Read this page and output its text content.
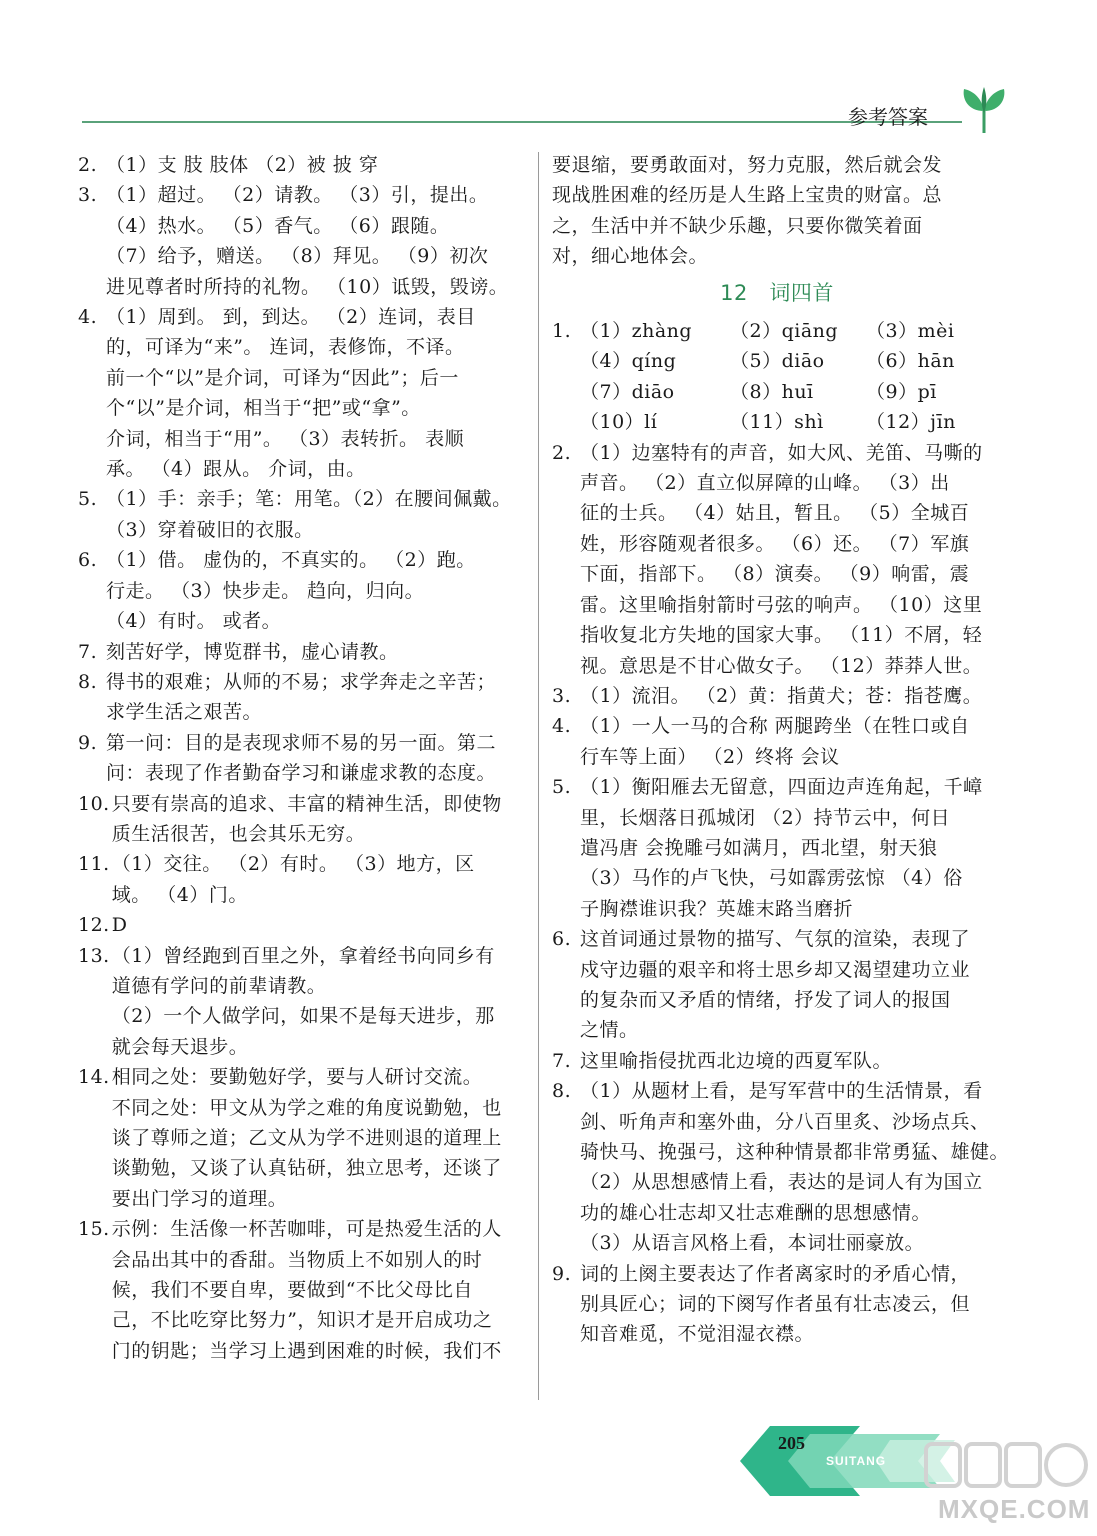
参考答案
2. （1）支 肢 肢体 （2）被 披 穿
3. （1）超过。 （2）请教。 （3）引，提出。
（4）热水。 （5）香气。 （6）跟随。
（7）给予，赠送。 （8）拜见。 （9）初次
进见尊者时所持的礼物。 （10）诋毁，毁谤。
4. （1）周到。 到，到达。 （2）连词，表目
的，可译为“来”。 连词，表修饰，不译。
前一个“以”是介词，可译为“因此”；后一
个“以”是介词，相当于“把”或“拿”。
介词，相当于“用”。 （3）表转折。 表顺
承。 （4）跟从。 介词，由。
5. （1）手：亲手；笔：用笔。（2）在腰间佩戴。
（3）穿着破旧的衣服。
6. （1）借。 虚伪的，不真实的。 （2）跑。
行走。 （3）快步走。 趋向，归向。
（4）有时。 或者。
7. 刻苦好学，博览群书，虚心请教。
8. 得书的艰难；从师的不易；求学奔走之辛苦；
求学生活之艰苦。
9. 第一问：目的是表现求师不易的另一面。第二
问：表现了作者勤奋学习和谦虚求教的态度。
10. 只要有崇高的追求、丰富的精神生活，即使物
质生活很苦，也会其乐无穷。
11. （1）交往。 （2）有时。 （3）地方，区
域。 （4）门。
12. D
13. （1）曾经跑到百里之外，拿着经书向同乡有
道德有学问的前辈请教。
（2）一个人做学问，如果不是每天进步，那
就会每天退步。
14. 相同之处：要勤勉好学，要与人研讨交流。
不同之处：甲文从为学之难的角度说勤勉，也
谈了尊师之道；乙文从为学不进则退的道理上
谈勤勉，又谈了认真钻研，独立思考，还谈了
要出门学习的道理。
15. 示例：生活像一杯苦咖啡，可是热爱生活的人
会品出其中的香甜。当物质上不如别人的时
候，我们不要自卑，要做到“不比父母比自
己，不比吃穿比努力”，知识才是开启成功之
门的钥匙；当学习上遇到困难的时候，我们不
要退缩，要勇敢面对，努力克服，然后就会发
现战胜困难的经历是人生路上宝贵的财富。总
之，生活中并不缺少乐趣，只要你微笑着面
对，细心地体会。
12 词四首
1. （1）zhàng	（2）qiāng	（3）mèi
（4）qíng	（5）diāo	（6）hān
（7）diāo	（8）huī	（9）pī
（10）lí	（11）shì	（12）jīn
2. （1）边塞特有的声音，如大风、羌笛、马嘶的
声音。 （2）直立似屏障的山峰。 （3）出
征的士兵。 （4）姑且，暂且。 （5）全城百
姓，形容随观者很多。 （6）还。 （7）军旗
下面，指部下。 （8）演奏。 （9）响雷，震
雷。这里喻指射箭时弓弦的响声。 （10）这里
指收复北方失地的国家大事。 （11）不屑，轻
视。意思是不甘心做女子。 （12）莽莽人世。
3. （1）流泪。 （2）黄：指黄犬；苍：指苍鹰。
4. （1）一人一马的合称 两腿跨坐（在牲口或自
行车等上面） （2）终将 会议
5. （1）衡阳雁去无留意，四面边声连角起，千嶂
里，长烟落日孤城闭 （2）持节云中，何日
遣冯唐 会挽雕弓如满月，西北望，射天狼
（3）马作的卢飞快，弓如霹雳弦惊 （4）俗
子胸襟谁识我？英雄末路当磨折
6. 这首词通过景物的描写、气氛的渲染，表现了
戍守边疆的艰辛和将士思乡却又渴望建功立业
的复杂而又矛盾的情绪，抒发了词人的报国
之情。
7. 这里喻指侵扰西北边境的西夏军队。
8. （1）从题材上看，是写军营中的生活情景，看
剑、听角声和塞外曲，分八百里炙、沙场点兵、
骑快马、挽强弓，这种种情景都非常勇猛、雄健。
（2）从思想感情上看，表达的是词人有为国立
功的雄心壮志却又壮志难酬的思想感情。
（3）从语言风格上看，本词壮丽豪放。
9. 词的上阕主要表达了作者离家时的矛盾心情，
别具匠心；词的下阕写作者虽有壮志凌云，但
知音难觅，不觉泪湿衣襟。
205
SUITANG
MXQE.COM
